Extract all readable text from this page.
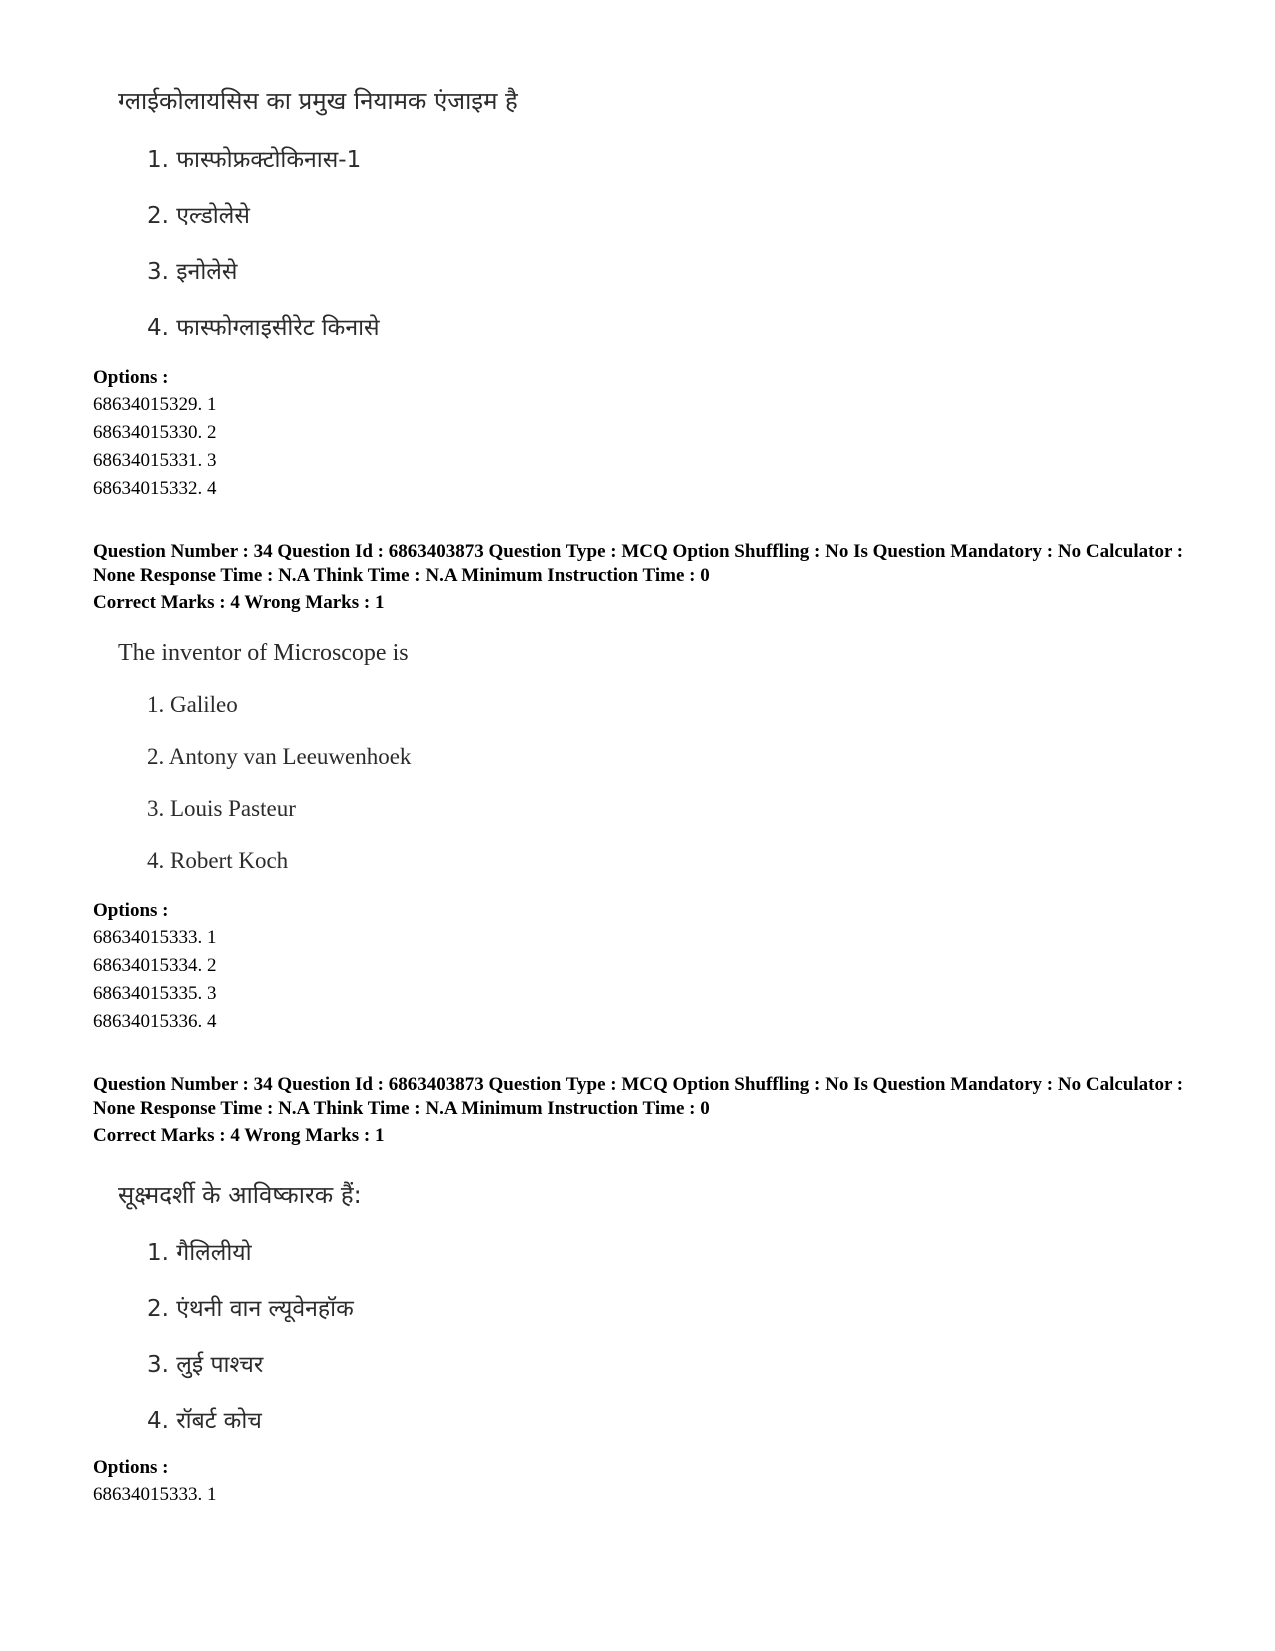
ग्लाईकोलायसिस का प्रमुख नियामक एंजाइम है
1. फास्फोफ्रक्टोकिनास-1
2. एल्डोलेसे
3. इनोलेसे
4. फास्फोग्लाइसीरेट किनासे
Options :
68634015329. 1
68634015330. 2
68634015331. 3
68634015332. 4
Question Number : 34 Question Id : 6863403873 Question Type : MCQ Option Shuffling : No Is Question Mandatory : No Calculator : None Response Time : N.A Think Time : N.A Minimum Instruction Time : 0
Correct Marks : 4 Wrong Marks : 1
The inventor of Microscope is
1. Galileo
2. Antony van Leeuwenhoek
3. Louis Pasteur
4. Robert Koch
Options :
68634015333. 1
68634015334. 2
68634015335. 3
68634015336. 4
Question Number : 34 Question Id : 6863403873 Question Type : MCQ Option Shuffling : No Is Question Mandatory : No Calculator : None Response Time : N.A Think Time : N.A Minimum Instruction Time : 0
Correct Marks : 4 Wrong Marks : 1
सूक्ष्मदर्शी के आविष्कारक हैं:
1. गैलिलीयो
2. एंथनी वान ल्यूवेनहॉक
3. लुई पाश्चर
4. रॉबर्ट कोच
Options :
68634015333. 1
